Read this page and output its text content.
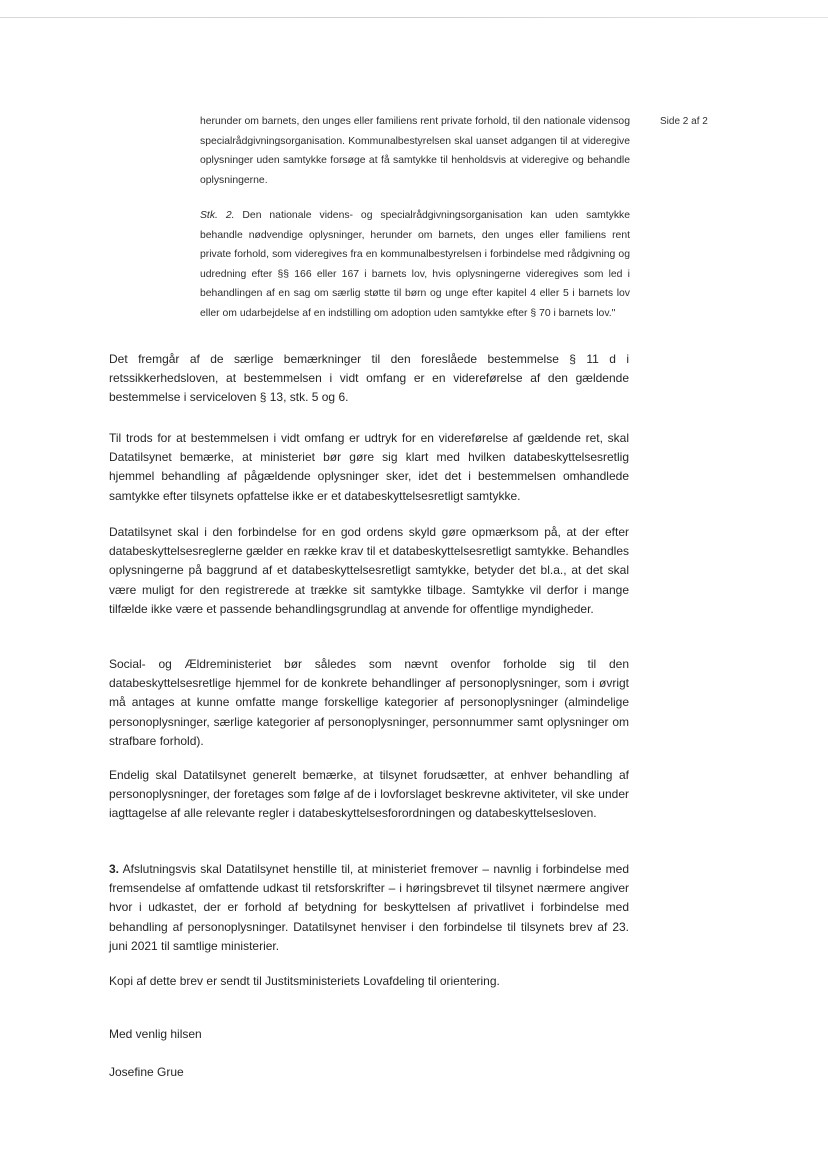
Side 2 af 2

herunder om barnets, den unges eller familiens rent private forhold, til den nationale vidensog specialrådgivningsorganisation. Kommunalbestyrelsen skal uanset adgangen til at videregive oplysninger uden samtykke forsøge at få samtykke til henholdsvis at videregive og behandle oplysningerne.

Stk. 2. Den nationale videns- og specialrådgivningsorganisation kan uden samtykke behandle nødvendige oplysninger, herunder om barnets, den unges eller familiens rent private forhold, som videregives fra en kommunalbestyrelsen i forbindelse med rådgivning og udredning efter §§ 166 eller 167 i barnets lov, hvis oplysningerne videregives som led i behandlingen af en sag om særlig støtte til børn og unge efter kapitel 4 eller 5 i barnets lov eller om udarbejdelse af en indstilling om adoption uden samtykke efter § 70 i barnets lov."

Det fremgår af de særlige bemærkninger til den foreslåede bestemmelse § 11 d i retssikkerhedsloven, at bestemmelsen i vidt omfang er en videreførelse af den gældende bestemmelse i serviceloven § 13, stk. 5 og 6.

Til trods for at bestemmelsen i vidt omfang er udtryk for en videreførelse af gældende ret, skal Datatilsynet bemærke, at ministeriet bør gøre sig klart med hvilken databeskyttelsesretlig hjemmel behandling af pågældende oplysninger sker, idet det i bestemmelsen omhandlede samtykke efter tilsynets opfattelse ikke er et databeskyttelsesretligt samtykke.

Datatilsynet skal i den forbindelse for en god ordens skyld gøre opmærksom på, at der efter databeskyttelsesreglerne gælder en række krav til et databeskyttelsesretligt samtykke. Behandles oplysningerne på baggrund af et databeskyttelsesretligt samtykke, betyder det bl.a., at det skal være muligt for den registrerede at trække sit samtykke tilbage. Samtykke vil derfor i mange tilfælde ikke være et passende behandlingsgrundlag at anvende for offentlige myndigheder.

Social- og Ældreministeriet bør således som nævnt ovenfor forholde sig til den databeskyttelsesretlige hjemmel for de konkrete behandlinger af personoplysninger, som i øvrigt må antages at kunne omfatte mange forskellige kategorier af personoplysninger (almindelige personoplysninger, særlige kategorier af personoplysninger, personnummer samt oplysninger om strafbare forhold).

Endelig skal Datatilsynet generelt bemærke, at tilsynet forudsætter, at enhver behandling af personoplysninger, der foretages som følge af de i lovforslaget beskrevne aktiviteter, vil ske under iagttagelse af alle relevante regler i databeskyttelsesforordningen og databeskyttelsesloven.

3. Afslutningsvis skal Datatilsynet henstille til, at ministeriet fremover – navnlig i forbindelse med fremsendelse af omfattende udkast til retsforskrifter – i høringsbrevet til tilsynet nærmere angiver hvor i udkastet, der er forhold af betydning for beskyttelsen af privatlivet i forbindelse med behandling af personoplysninger. Datatilsynet henviser i den forbindelse til tilsynets brev af 23. juni 2021 til samtlige ministerier.

Kopi af dette brev er sendt til Justitsministeriets Lovafdeling til orientering.

Med venlig hilsen
Josefine Grue
